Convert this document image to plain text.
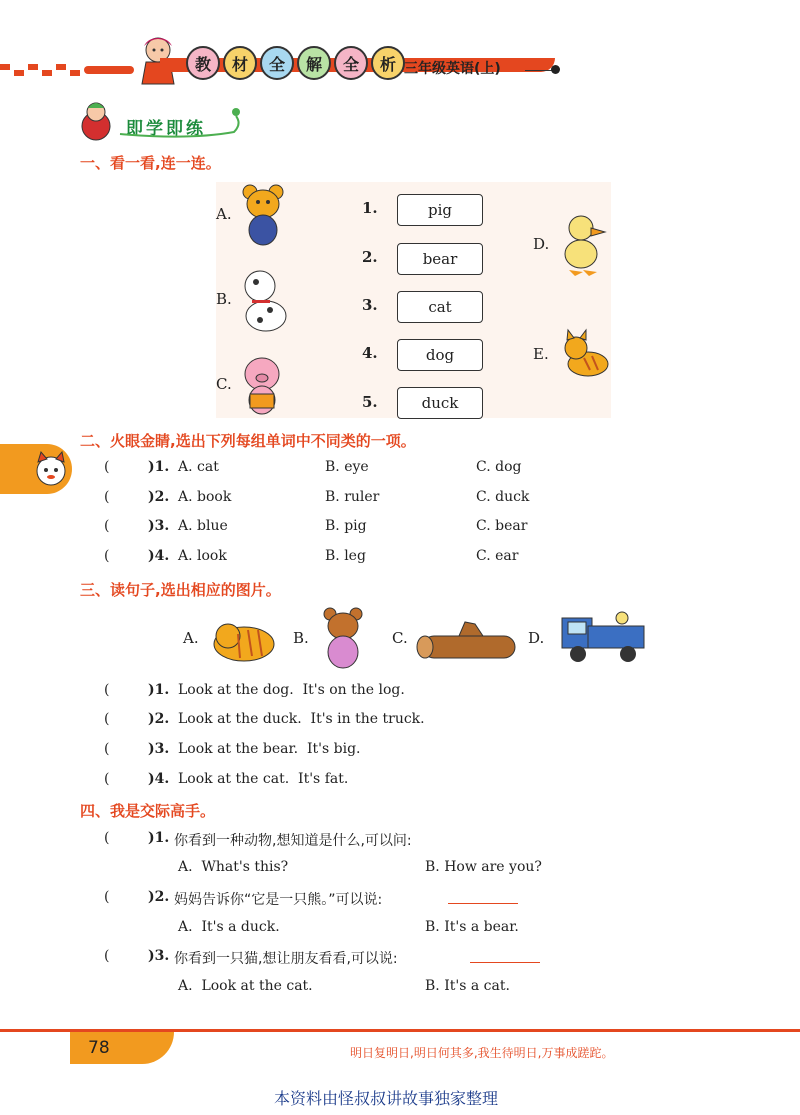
教	材	全	解	全	析 三年级英语(上)
即学即练
一、看一看,连一连。
A.
B.
C.
D.
E.
1.
2.
3.
4.
5.
pig
bear
cat
dog
duck
二、火眼金睛,选出下列每组单词中不同类的一项。
(	)1. A. cat	B. eye	C. dog
(	)2. A. book	B. ruler	C. duck
(	)3. A. blue	B. pig	C. bear
(	)4. A. look	B. leg	C. ear
三、读句子,选出相应的图片。
A.	B.	C.	D.
(	)1. Look at the dog.  It's on the log.
(	)2. Look at the duck.  It's in the truck.
(	)3. Look at the bear.  It's big.
(	)4. Look at the cat.  It's fat.
四、我是交际高手。
(	)1. 你看到一种动物,想知道是什么,可以问:
A.  What's this?	B. How are you?
(	)2. 妈妈告诉你“它是一只熊。”可以说:
A.  It's a duck.	B. It's a bear.
(	)3. 你看到一只猫,想让朋友看看,可以说:
A.  Look at the cat.	B. It's a cat.
78	明日复明日,明日何其多,我生待明日,万事成蹉跎。
本资料由怪叔叔讲故事独家整理
